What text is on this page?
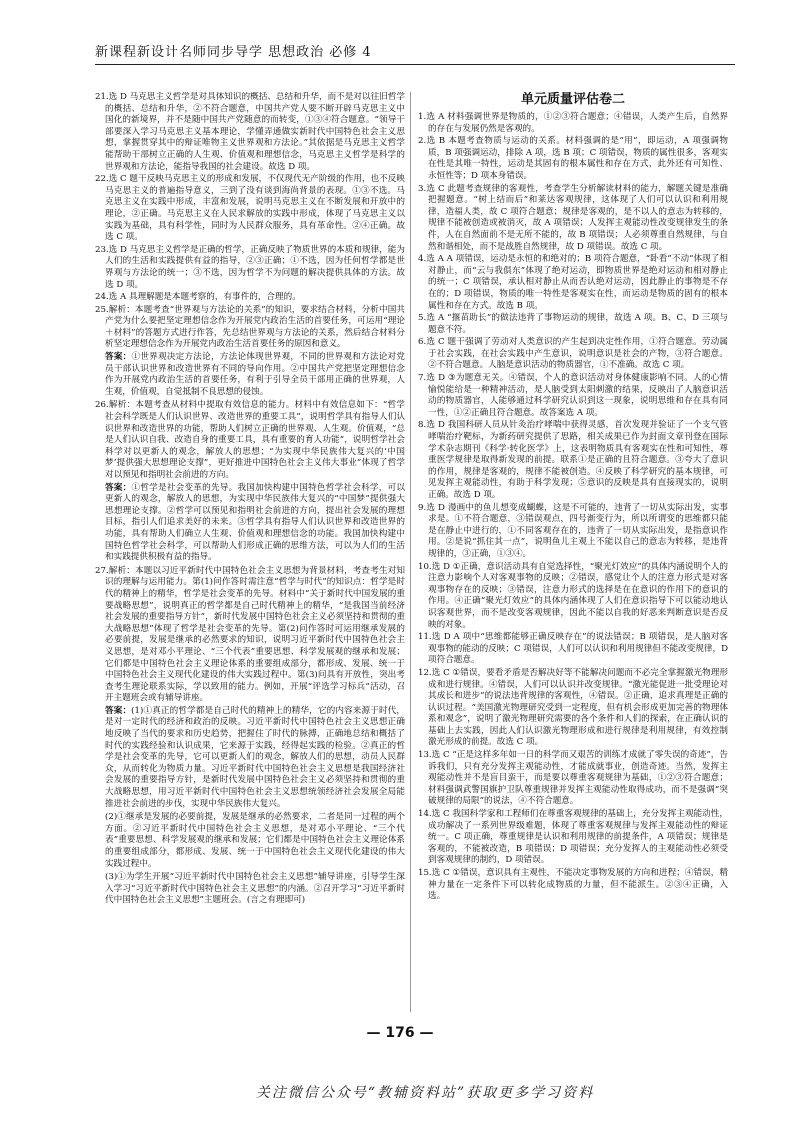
新课程新设计名师同步导学 思想政治 必修 4
21.选 D 马克思主义哲学是对具体知识的概括、总结和升华，而不是对以往旧哲学的概括、总结和升华，②不符合题意，中国共产党人要不断开辟马克思主义中国化的新境界，并不是随中国共产党随意的而转变，①③④符合题意。“领导干部要深入学习马克思主义基本理论，学懂弄通做实新时代中国特色社会主义思想，掌握贯穿其中的辩证唯物主义世界观和方法论。”其依据是马克思主义哲学能帮助干部树立正确的人生观、价值观和理想信念，马克思主义哲学是科学的世界观和方法论，能指导我国的社会建设。故选 D 项。
22.选 C 题干反映马克思主义的形成和发展，不仅现代无产阶级的作用，也不反映马克思主义的普遍指导意义，三到了没有谈到海尚背景的表现。①③不选。马克思主义在实践中形成，丰富和发展，说明马克思主义在不断发展和开放中的理论，②正确。马克思主义在人民求解放的实践中形成，体现了马克思主义以实践为基础，具有科学性，同时为人民群众服务，具有革命性。②④正确。故选 C 项。
23.选 D 马克思主义哲学是正确的哲学，正确反映了物质世界的本质和规律，能为人们的生活和实践提供有益的指导，②③正确；①不选，因为任何哲学都是世界观与方法论的统一；③不选，因为哲学不为问题的解决提供具体的方法。故选 D 项。
24.选 A 具理解题是本题考察的，有事件的，合理的。
25.解析：本题考查“世界观与方法论的关系”的知识，要求结合材料，分析中国共产党为什么要把坚定理想信念作为开展党内政治生活的首要任务，可运用“理论＋材料”的答题方式进行作答，先总结世界观与方法论的关系，然后结合材料分析坚定理想信念作为开展党内政治生活首要任务的原因和意义。
答案：①世界观决定方法论，方法论体现世界观，不同的世界观和方法论对党员干部认识世界和改造世界有不同的导向作用。②中国共产党把坚定理想信念作为开展党内政治生活的首要任务，有利于引导全员干部用正确的世界观，人生观，价值观，自觉抵制不良思想的侵蚀。
26.解析：本题考查从材料中提取有效信息的能力。材料中有效信息如下：“哲学社会科学既是人们认识世界、改造世界的重要工具”，说明哲学具有指导人们认识世界和改造世界的功能，帮助人们树立正确的世界观、人生观。价值观，“总是人们认识自我、改造自身的重要工具，具有重要的育人功能”，说明哲学社会科学对以更新人的观念，解放人的思想；“为实现中华民族伟大复兴的‘中国梦’提供强大思想理论支撑”，更好推进中国特色社会主义伟大事业”体现了哲学对以预见和指明社会前进的方向。
答案：①哲学是社会变革的先导。我国加快构建中国特色哲学社会科学，可以更新人的观念，解放人的思想，为实现中华民族伟大复兴的“中国梦”提供强大思想理论支撑。②哲学可以预见和指明社会前进的方向，提出社会发展的理想目标，指引人们追求美好的未来。③哲学具有指导人们认识世界和改造世界的功能，具有帮助人们确立人生观、价值观和理想信念的功能。我国加快构建中国特色哲学社会科学，可以帮助人们形成正确的思维方法，可以为人们的生活和实践提供积极有益的指导。
27.解析：本题以习近平新时代中国特色社会主义思想为背景材料，考查考生对知识的理解与运用能力。第(1)问作答时需注意“哲学与时代”的知识点：哲学是时代的精神上的精华，哲学是社会变革的先导。材料中“关于新时代中国发展的重要战略思想”，说明真正的哲学都是自己时代精神上的精华，“是我国当前经济社会发展的重要指导方针”，新时代发展中国特色社会主义必须坚持和贯彻的重大战略思想”体现了哲学是社会变革的先导。第(2)问作答时可运用继承发展的必要前提，发展是继承的必然要求的知识，说明习近平新时代中国特色社会主义思想，是对邓小平理论、“三个代表”重要思想、科学发展观的继承和发展；它们都是中国特色社会主义理论体系的重要组成部分，都形成、发展、统一于中国特色社会主义现代化建设的伟大实践过程中。第(3)问具有开放性，突出考查考生理论联系实际，学以致用的能力。例如，开展“评选学习标兵”活动，召开主题班会或有辅导讲座。
答案：(1)①真正的哲学都是自己时代的精神上的精华，它的内容来源于时代，是对一定时代的经济和政治的反映。习近平新时代中国特色社会主义思想正确地反映了当代的要求和历史趋势，把握住了时代的脉搏，正确地总结和概括了时代的实践经验和认识成果，它来源于实践，经得起实践的检验。②真正的哲学是社会变革的先导，它可以更新人们的观念，解放人们的思想，动员人民群众，从而转化为物质力量。习近平新时代中国特色社会主义思想是我国经济社会发展的重要指导方针，是新时代发展中国特色社会主义必须坚持和贯彻的重大战略思想，用习近平新时代中国特色社会主义思想统领经济社会发展全局能推进社会前进的步伐，实现中华民族伟大复兴。
(2)①继承是发展的必要前提，发展是继承的必然要求，二者是同一过程的两个方面。②习近平新时代中国特色社会主义思想，是对邓小平理论、“三个代表”重要思想、科学发展观的继承和发展；它们都是中国特色社会主义理论体系的重要组成部分，都形成、发展、统一于中国特色社会主义现代化建设的伟大实践过程中。
(3)①为学生开展“习近平新时代中国特色社会主义思想”辅导讲座，引导学生深入学习“习近平新时代中国特色社会主义思想”的内涵。②召开学习“习近平新时代中国特色社会主义思想”主题班会。(言之有理即可)
单元质量评估卷二
1.选 A 材料强调世界是物质的，①②③符合题意；④错误，人类产生后，自然界的存在与发展仍然是客观的。
2.选 B 本题考查物质与运动的关系。材料强调的是“用”，即运动，A 项强调物质，B 项强调运动，排除 A 项，选 B 项；C 项错误，物质的属性很多，客观实在性是其唯一特性，运动是其固有的根本属性和存在方式，此外还有可知性、永恒性等；D 项本身错误。
3.选 C 此题考查规律的客观性，考查学生分析解读材料的能力，解题关键是准确把握题意。“树上结而后”和莱达客观规律，这体现了人们可以认识和利用规律，造福人类，故 C 项符合题意；规律是客观的，是不以人的意志为转移的，规律不能被创造或被消灭，故 A 项错误；人发挥主观能动性改变规律发生的条件，人在自然面前不是无所不能的，故 B 项错误；人必须尊重自然规律，与自然和谐相处，而不是战胜自然规律，故 D 项错误。故选 C 项。
4.选 A A 项错误，运动是永恒的和绝对的；B 项符合题意，“卧看”不动“体现了相对静止，而“云与我俱东”体现了绝对运动，即物质世界是绝对运动和相对静止的统一；C 项错误，承认相对静止从而否认绝对运动，因此静止的事物是不存在的；D 项错误，物质的唯一特性是客观实在性，而运动是物质的固有的根本属性和存在方式。故选 B 项。
5.选 A “揠苗助长”的做法违背了事物运动的规律，故选 A 项。B、C、D 三项与题意不符。
6.选 C 题干强调了劳动对人类意识的产生起到决定性作用，①符合题意。劳动属于社会实践，在社会实践中产生意识，说明意识是社会的产物，③符合题意。②不符合题意。人脑是意识活动的物质器官，①不准确。故选 C 项。
7.选 D ③为题意无关。④错误，个人的意识活动对身体健康影响不同。人的心情愉悦能给是一种精神活动，是人脑受到太阳刺激的结果，反映出了人脑意识活动的物质器官，人能够通过科学研究认识到这一现象，说明思维和存在具有同一性，①②正确且符合题意。故答案选 A 项。
8.选 D 我国科研人员从针灸治疗哮喘中获得灵感，首次发现并验证了一个支气管哮喘治疗靶标，为新药研究提供了思路，相关成果已作为封面文章刊登在国际学术杂志期刊《科学·转化医学》上，这表明物质具有客观实在性和可知性，尊重医学规律是取得新发现的前提。联系①是正确的且符合题意。③夸大了意识的作用，规律是客观的，规律不能被创造。④反映了科学研究的基本规律，可见发挥主观能动性，有助于科学发现；⑤意识的反映是具有直接现实的，说明正确。故选 D 项。
9.选 D 漫画中的鱼儿想变成蝴蝶，这是不可能的，违背了一切从实际出发，实事求是。①不符合题意，③错误观点，四号渐变行为，所以所谓变的思维都只能是在静止中进行的，①不同客观存在的，违背了一切从实际出发，是指意识作用。②是说“抓住其一点”，说明鱼儿主观上不能以自己的意志为转移，是违背规律的，③正确，①③④。
10.选 D ①正确，意识活动具有自觉选择性，“聚光灯效应”的具体内涵说明个人的注意力影响个人对客观事物的反映；②错误，感觉让个人的注意力形式是对客观事物存在的反映；③错误，注意力形式的选择是在在意识的作用下的意识的作用。④正确“聚光灯效应”的具体内涵体现了人们在意识指导下可以能动地认识客观世界，而不是改变客观规律，因此不能以自我的好恶来判断意识是否反映的对象。
11.选 D A 项中“思维都能够正确反映存在”的说法错误；B 项错误，是人脑对客观事物的能动的反映；C 项错误，人们可以认识和利用规律但不能改变规律，D 项符合题意。
12.选 C ①错误，要看矛盾是否解决好等不能解决问题而不必完全掌握激光物理形成和进行规律。④错误，人们可以认识并改变规律。“激光能促进一批受理论对其成长和进步”的说法违背规律的客观性，④错误。②正确，追求真理是正确的认识过程。“美国激光物理研究受到一定程度，但有机会形成更加完善的物理体系和观念”，说明了激光物理研究需要的各个条件和人们的探索，在正确认识的基础上去实践，因此人们认识激光物理形成和进行规律是利用规律，有效控制激光形成的前提。故选 C 项。
13.选 C “正是这样多年如一日的科学而又艰苦的训练才成就了零失误的奇迹”，告诉我们，只有充分发挥主观能动性，才能成就事业，创造奇迹。当然，发挥主观能动性并不是盲目蛮干，而是要以尊重客观规律为基础，①②③符合题意；材料强调武警国旗护卫队尊重规律并发挥主观能动性取得成功，而不是强调“突破规律的局限”的说法，④不符合题意。
14.选 C 我国科学家和工程师们在尊重客观规律的基础上，充分发挥主观能动性，成功解决了一系列世界级难题，体现了尊重客观规律与发挥主观能动性的辩证统一。C 项正确，尊重规律是认识和利用规律的前提条件，A 项错误；规律是客观的，不能被改造，B 项错误；D 项错误；充分发挥人的主观能动性必须受到客观规律的制约，D 项错误。
15.选 C ①错误，意识具有主观性，不能决定事物发展的方向和进程；④错误，精神力量在一定条件下可以转化成物质的力量，但不能派生。②③④正确，入选。
— 176 —
关注微信公众号“教辅资料站”获取更多学习资料
